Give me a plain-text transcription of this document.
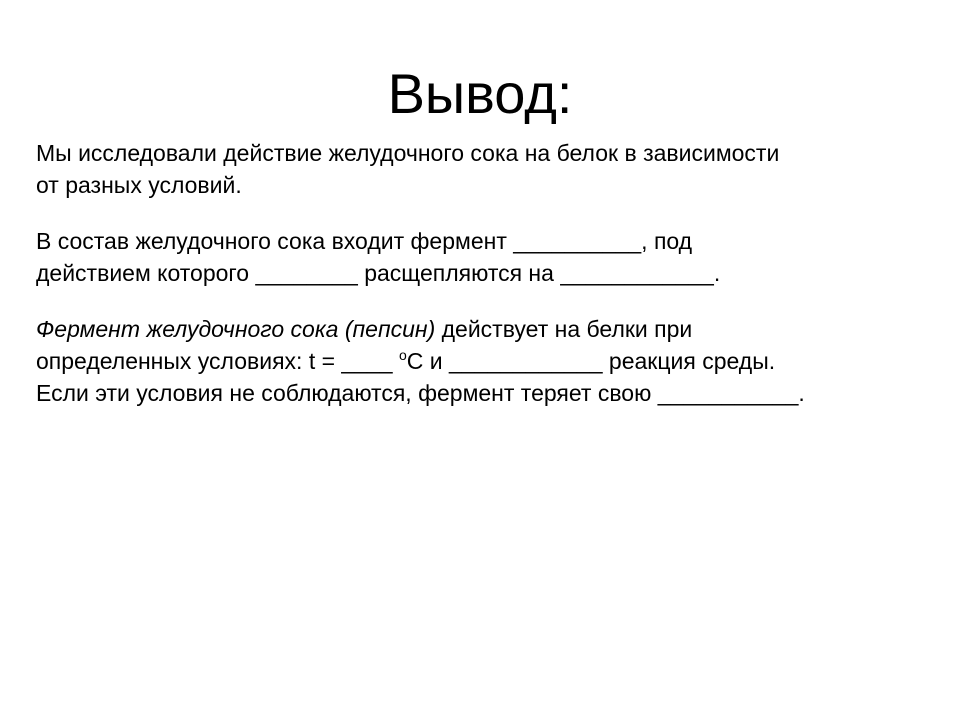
Вывод:

Мы исследовали действие желудочного сока на белок в зависимости
от разных условий.

В состав желудочного сока входит фермент __________, под
действием которого ________ расщепляются на ____________.

Фермент желудочного сока (пепсин) действует на белки при
определенных условиях: t = ____ $^o$С и ____________ реакция среды.
Если эти условия не соблюдаются, фермент теряет свою ___________.
